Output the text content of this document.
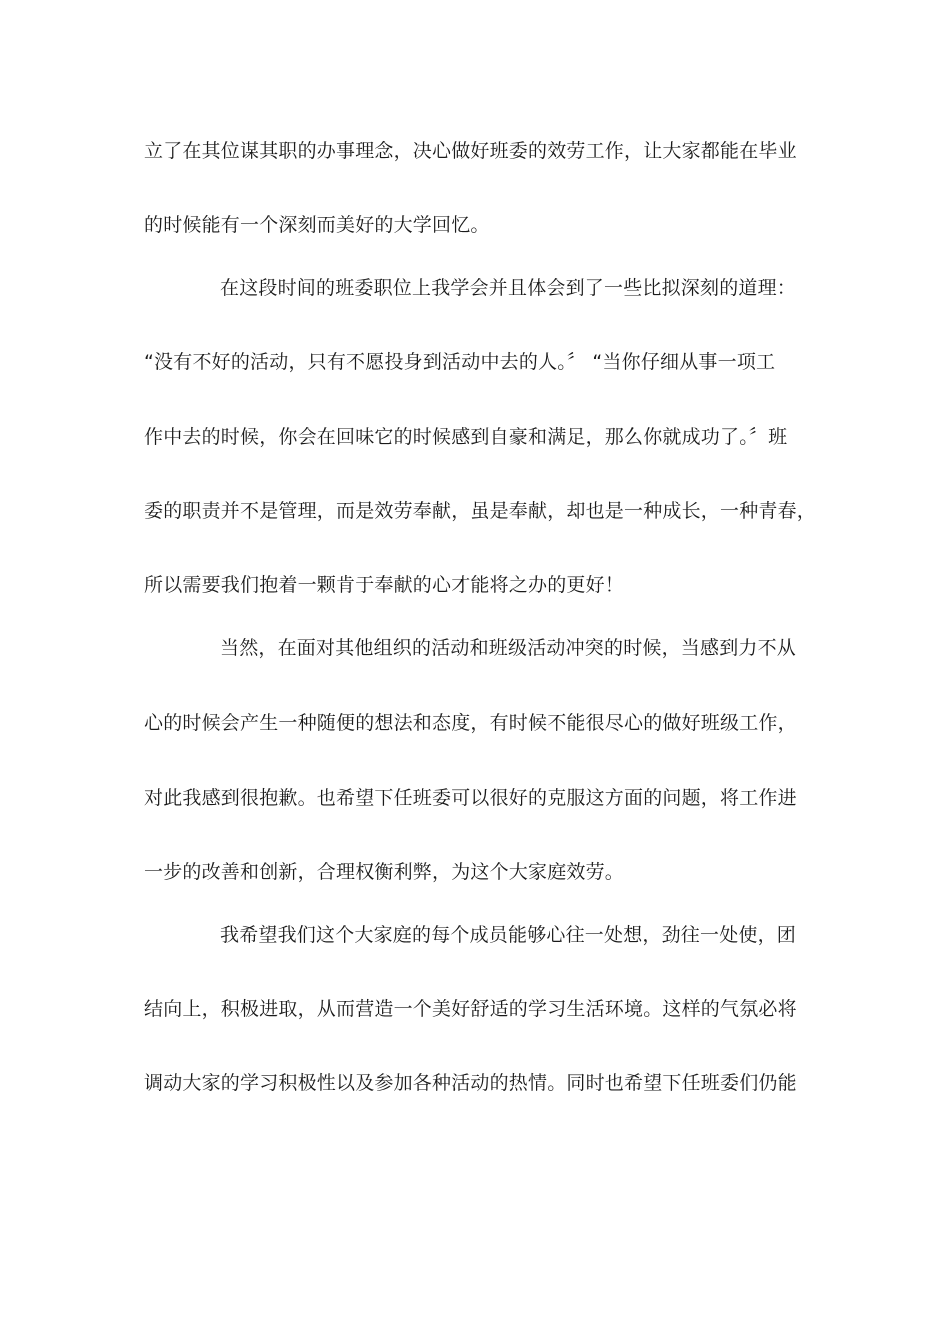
立了在其位谋其职的办事理念，决心做好班委的效劳工作，让大家都能在毕业
的时候能有一个深刻而美好的大学回忆。
在这段时间的班委职位上我学会并且体会到了一些比拟深刻的道理：
“没有不好的活动，只有不愿投身到活动中去的人。〞 “当你仔细从事一项工
作中去的时候，你会在回味它的时候感到自豪和满足，那么你就成功了。〞班
委的职责并不是管理，而是效劳奉献，虽是奉献，却也是一种成长，一种青春，
所以需要我们抱着一颗肯于奉献的心才能将之办的更好！
当然，在面对其他组织的活动和班级活动冲突的时候，当感到力不从
心的时候会产生一种随便的想法和态度，有时候不能很尽心的做好班级工作，
对此我感到很抱歉。也希望下任班委可以很好的克服这方面的问题，将工作进
一步的改善和创新，合理权衡利弊，为这个大家庭效劳。
我希望我们这个大家庭的每个成员能够心往一处想，劲往一处使，团
结向上，积极进取，从而营造一个美好舒适的学习生活环境。这样的气氛必将
调动大家的学习积极性以及参加各种活动的热情。同时也希望下任班委们仍能
